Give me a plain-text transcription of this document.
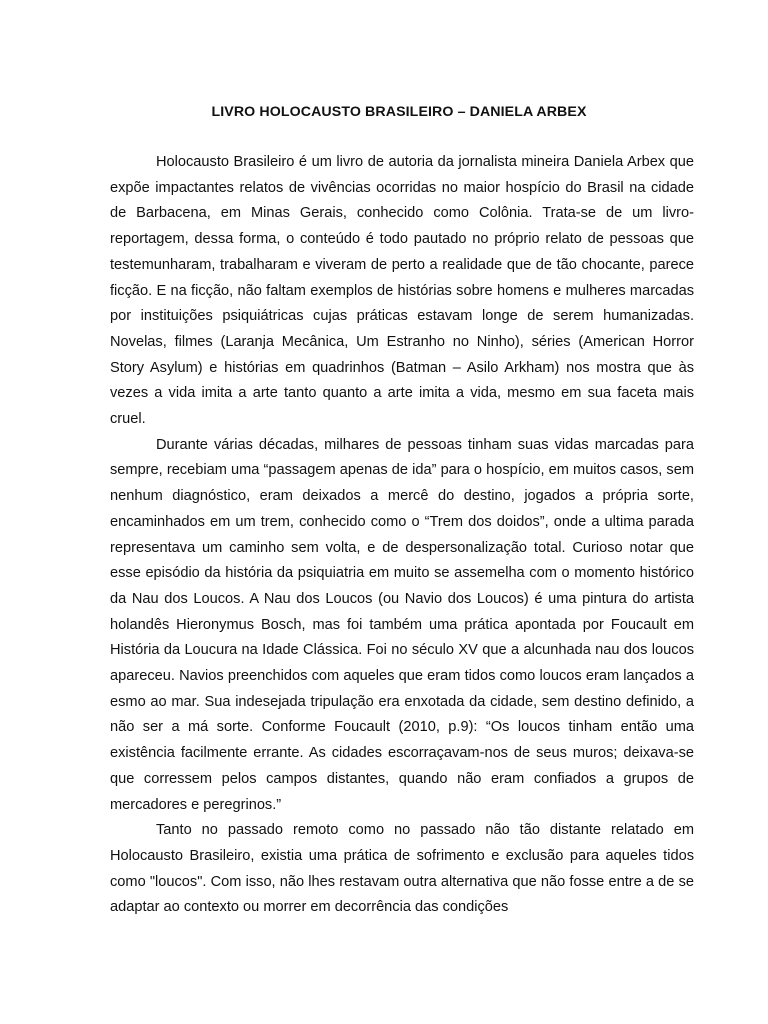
LIVRO HOLOCAUSTO BRASILEIRO – DANIELA ARBEX

Holocausto Brasileiro é um livro de autoria da jornalista mineira Daniela Arbex que expõe impactantes relatos de vivências ocorridas no maior hospício do Brasil na cidade de Barbacena, em Minas Gerais, conhecido como Colônia. Trata-se de um livro-reportagem, dessa forma, o conteúdo é todo pautado no próprio relato de pessoas que testemunharam, trabalharam e viveram de perto a realidade que de tão chocante, parece ficção. E na ficção, não faltam exemplos de histórias sobre homens e mulheres marcadas por instituições psiquiátricas cujas práticas estavam longe de serem humanizadas. Novelas, filmes (Laranja Mecânica, Um Estranho no Ninho), séries (American Horror Story Asylum) e histórias em quadrinhos (Batman – Asilo Arkham) nos mostra que às vezes a vida imita a arte tanto quanto a arte imita a vida, mesmo em sua faceta mais cruel.

Durante várias décadas, milhares de pessoas tinham suas vidas marcadas para sempre, recebiam uma “passagem apenas de ida” para o hospício, em muitos casos, sem nenhum diagnóstico, eram deixados a mercê do destino, jogados a própria sorte, encaminhados em um trem, conhecido como o “Trem dos doidos”, onde a ultima parada representava um caminho sem volta, e de despersonalização total. Curioso notar que esse episódio da história da psiquiatria em muito se assemelha com o momento histórico da Nau dos Loucos. A Nau dos Loucos (ou Navio dos Loucos) é uma pintura do artista holandês Hieronymus Bosch, mas foi também uma prática apontada por Foucault em História da Loucura na Idade Clássica. Foi no século XV que a alcunhada nau dos loucos apareceu. Navios preenchidos com aqueles que eram tidos como loucos eram lançados a esmo ao mar. Sua indesejada tripulação era enxotada da cidade, sem destino definido, a não ser a má sorte. Conforme Foucault (2010, p.9): “Os loucos tinham então uma existência facilmente errante. As cidades escorraçavam-nos de seus muros; deixava-se que corressem pelos campos distantes, quando não eram confiados a grupos de mercadores e peregrinos.”

Tanto no passado remoto como no passado não tão distante relatado em Holocausto Brasileiro, existia uma prática de sofrimento e exclusão para aqueles tidos como "loucos". Com isso, não lhes restavam outra alternativa que não fosse entre a de se adaptar ao contexto ou morrer em decorrência das condições
